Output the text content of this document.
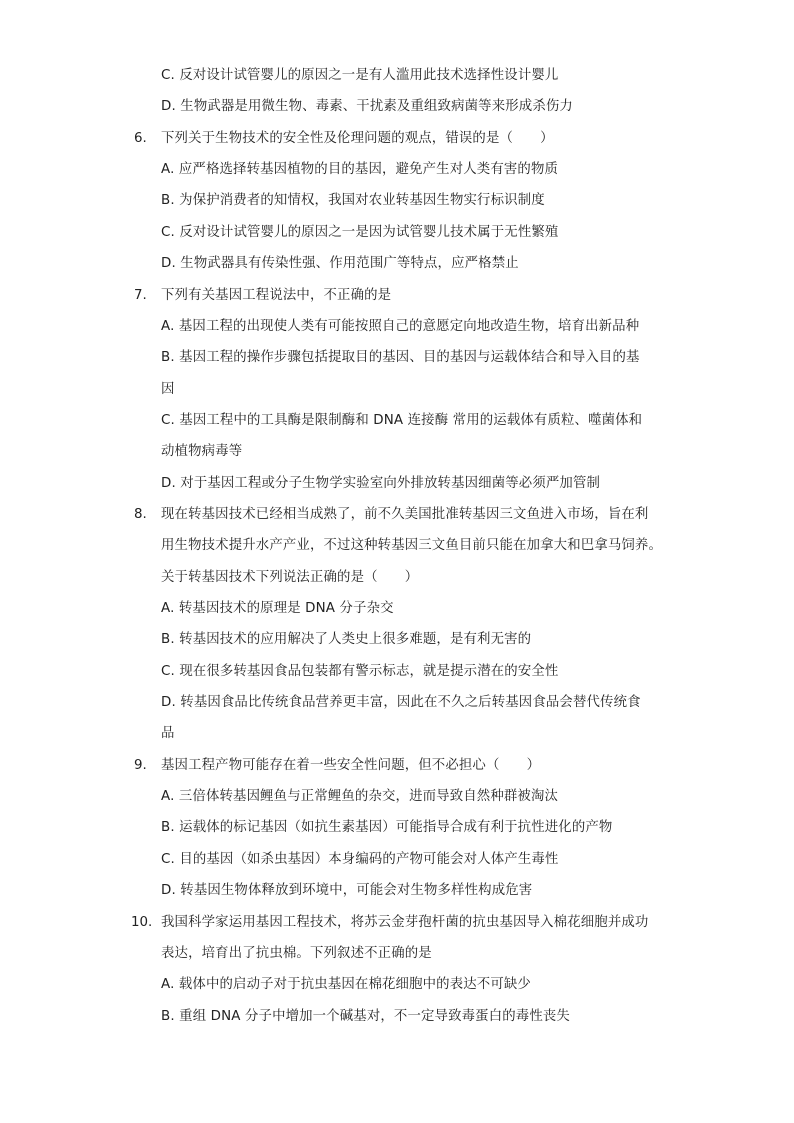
C. 反对设计试管婴儿的原因之一是有人滥用此技术选择性设计婴儿
D. 生物武器是用微生物、毒素、干扰素及重组致病菌等来形成杀伤力
6. 下列关于生物技术的安全性及伦理问题的观点，错误的是（　　）
A. 应严格选择转基因植物的目的基因，避免产生对人类有害的物质
B. 为保护消费者的知情权，我国对农业转基因生物实行标识制度
C. 反对设计试管婴儿的原因之一是因为试管婴儿技术属于无性繁殖
D. 生物武器具有传染性强、作用范围广等特点，应严格禁止
7. 下列有关基因工程说法中，不正确的是
A. 基因工程的出现使人类有可能按照自己的意愿定向地改造生物，培育出新品种
B. 基因工程的操作步骤包括提取目的基因、目的基因与运载体结合和导入目的基
因
C. 基因工程中的工具酶是限制酶和 DNA 连接酶 常用的运载体有质粒、噬菌体和
动植物病毒等
D. 对于基因工程或分子生物学实验室向外排放转基因细菌等必须严加管制
8. 现在转基因技术已经相当成熟了，前不久美国批准转基因三文鱼进入市场，旨在利
用生物技术提升水产产业，不过这种转基因三文鱼目前只能在加拿大和巴拿马饲养。
关于转基因技术下列说法正确的是（　　）
A. 转基因技术的原理是 DNA 分子杂交
B. 转基因技术的应用解决了人类史上很多难题，是有利无害的
C. 现在很多转基因食品包装都有警示标志，就是提示潜在的安全性
D. 转基因食品比传统食品营养更丰富，因此在不久之后转基因食品会替代传统食
品
9. 基因工程产物可能存在着一些安全性问题，但不必担心（　　）
A. 三倍体转基因鲤鱼与正常鲤鱼的杂交，进而导致自然种群被淘汰
B. 运载体的标记基因（如抗生素基因）可能指导合成有利于抗性进化的产物
C. 目的基因（如杀虫基因）本身编码的产物可能会对人体产生毒性
D. 转基因生物体释放到环境中，可能会对生物多样性构成危害
10. 我国科学家运用基因工程技术，将苏云金芽孢杆菌的抗虫基因导入棉花细胞并成功
表达，培育出了抗虫棉。下列叙述不正确的是
A. 载体中的启动子对于抗虫基因在棉花细胞中的表达不可缺少
B. 重组 DNA 分子中增加一个碱基对，不一定导致毒蛋白的毒性丧失
